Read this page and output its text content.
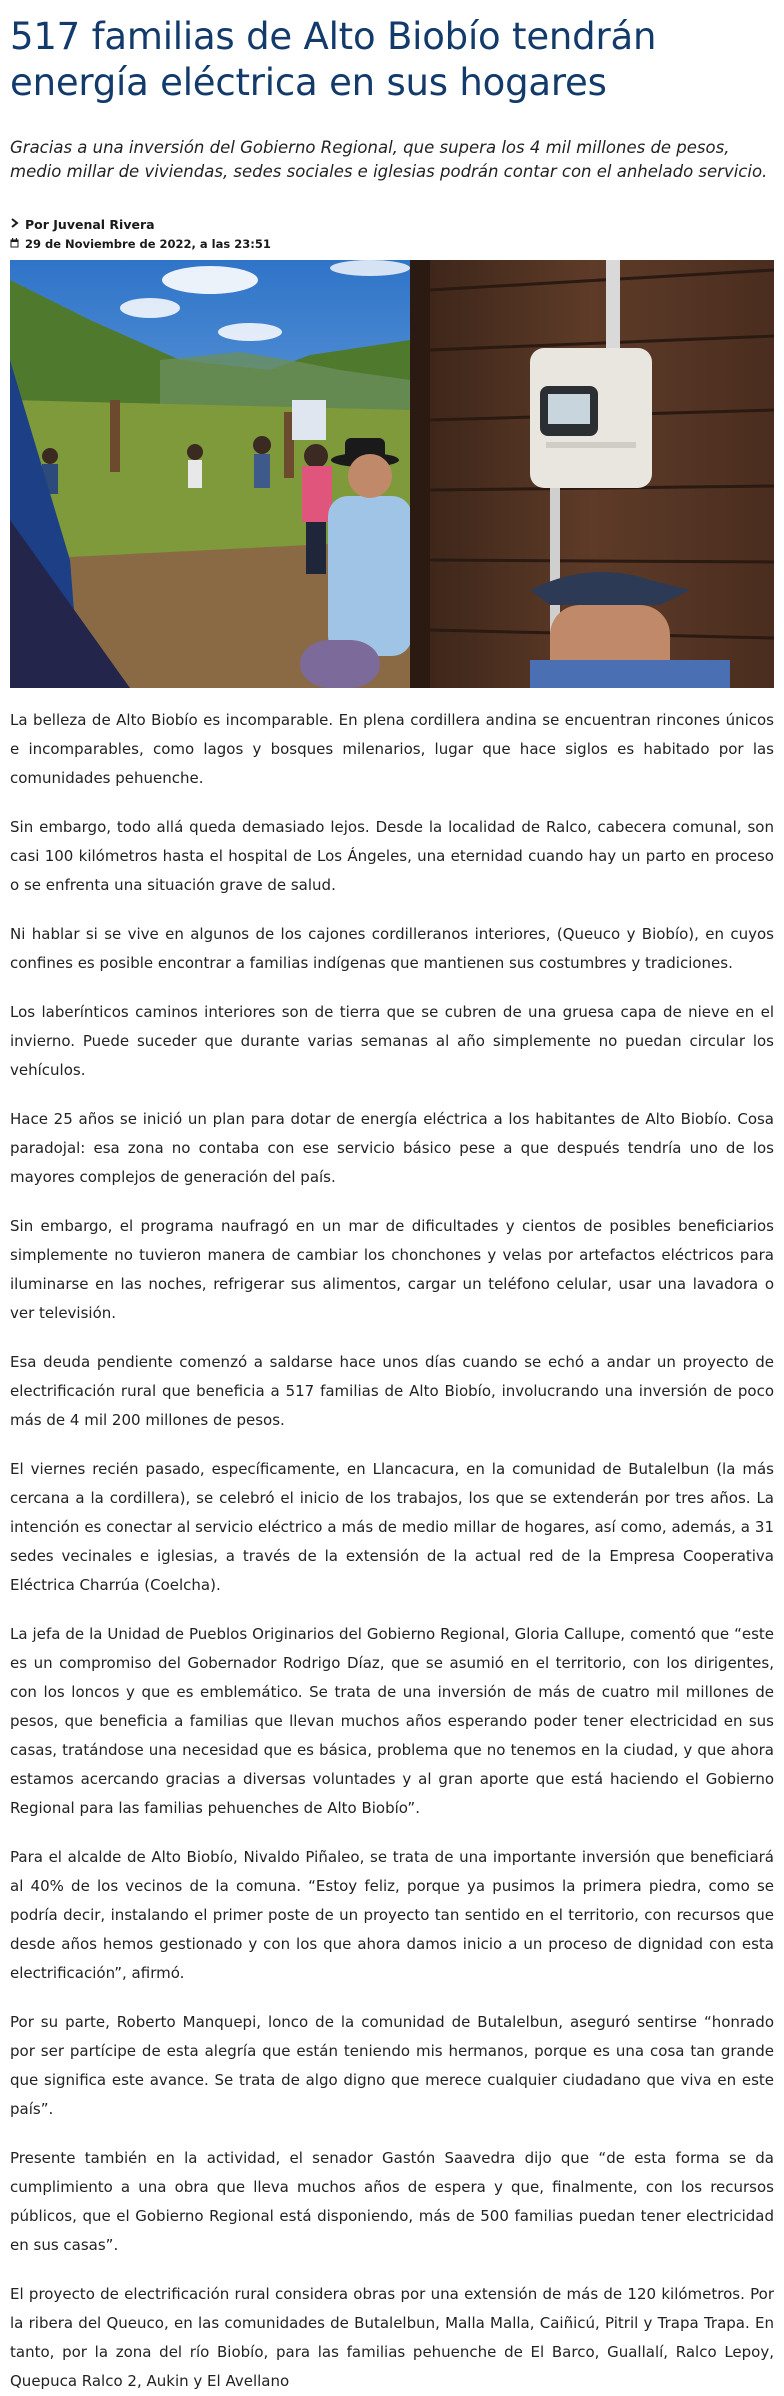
517 familias de Alto Biobío tendrán energía eléctrica en sus hogares

Gracias a una inversión del Gobierno Regional, que supera los 4 mil millones de pesos, medio millar de viviendas, sedes sociales e iglesias podrán contar con el anhelado servicio.

Por Juvenal Rivera
29 de Noviembre de 2022, a las 23:51

La belleza de Alto Biobío es incomparable. En plena cordillera andina se encuentran rincones únicos e incomparables, como lagos y bosques milenarios, lugar que hace siglos es habitado por las comunidades pehuenche.

Sin embargo, todo allá queda demasiado lejos. Desde la localidad de Ralco, cabecera comunal, son casi 100 kilómetros hasta el hospital de Los Ángeles, una eternidad cuando hay un parto en proceso o se enfrenta una situación grave de salud.

Ni hablar si se vive en algunos de los cajones cordilleranos interiores, (Queuco y Biobío), en cuyos confines es posible encontrar a familias indígenas que mantienen sus costumbres y tradiciones.

Los laberínticos caminos interiores son de tierra que se cubren de una gruesa capa de nieve en el invierno. Puede suceder que durante varias semanas al año simplemente no puedan circular los vehículos.

Hace 25 años se inició un plan para dotar de energía eléctrica a los habitantes de Alto Biobío. Cosa paradojal: esa zona no contaba con ese servicio básico pese a que después tendría uno de los mayores complejos de generación del país.

Sin embargo, el programa naufragó en un mar de dificultades y cientos de posibles beneficiarios simplemente no tuvieron manera de cambiar los chonchones y velas por artefactos eléctricos para iluminarse en las noches, refrigerar sus alimentos, cargar un teléfono celular, usar una lavadora o ver televisión.

Esa deuda pendiente comenzó a saldarse hace unos días cuando se echó a andar un proyecto de electrificación rural que beneficia a 517 familias de Alto Biobío, involucrando una inversión de poco más de 4 mil 200 millones de pesos.

El viernes recién pasado, específicamente, en Llancacura, en la comunidad de Butalelbun (la más cercana a la cordillera), se celebró el inicio de los trabajos, los que se extenderán por tres años. La intención es conectar al servicio eléctrico a más de medio millar de hogares, así como, además, a 31 sedes vecinales e iglesias, a través de la extensión de la actual red de la Empresa Cooperativa Eléctrica Charrúa (Coelcha).

La jefa de la Unidad de Pueblos Originarios del Gobierno Regional, Gloria Callupe, comentó que “este es un compromiso del Gobernador Rodrigo Díaz, que se asumió en el territorio, con los dirigentes, con los loncos y que es emblemático. Se trata de una inversión de más de cuatro mil millones de pesos, que beneficia a familias que llevan muchos años esperando poder tener electricidad en sus casas, tratándose una necesidad que es básica, problema que no tenemos en la ciudad, y que ahora estamos acercando gracias a diversas voluntades y al gran aporte que está haciendo el Gobierno Regional para las familias pehuenches de Alto Biobío”.

Para el alcalde de Alto Biobío, Nivaldo Piñaleo, se trata de una importante inversión que beneficiará al 40% de los vecinos de la comuna. “Estoy feliz, porque ya pusimos la primera piedra, como se podría decir, instalando el primer poste de un proyecto tan sentido en el territorio, con recursos que desde años hemos gestionado y con los que ahora damos inicio a un proceso de dignidad con esta electrificación”, afirmó.

Por su parte, Roberto Manquepi, lonco de la comunidad de Butalelbun, aseguró sentirse “honrado por ser partícipe de esta alegría que están teniendo mis hermanos, porque es una cosa tan grande que significa este avance. Se trata de algo digno que merece cualquier ciudadano que viva en este país”.

Presente también en la actividad, el senador Gastón Saavedra dijo que “de esta forma se da cumplimiento a una obra que lleva muchos años de espera y que, finalmente, con los recursos públicos, que el Gobierno Regional está disponiendo, más de 500 familias puedan tener electricidad en sus casas”.

El proyecto de electrificación rural considera obras por una extensión de más de 120 kilómetros. Por la ribera del Queuco, en las comunidades de Butalelbun, Malla Malla, Caiñicú, Pitril y Trapa Trapa. En tanto, por la zona del río Biobío, para las familias pehuenche de El Barco, Guallalí, Ralco Lepoy, Quepuca Ralco 2, Aukin y El Avellano
